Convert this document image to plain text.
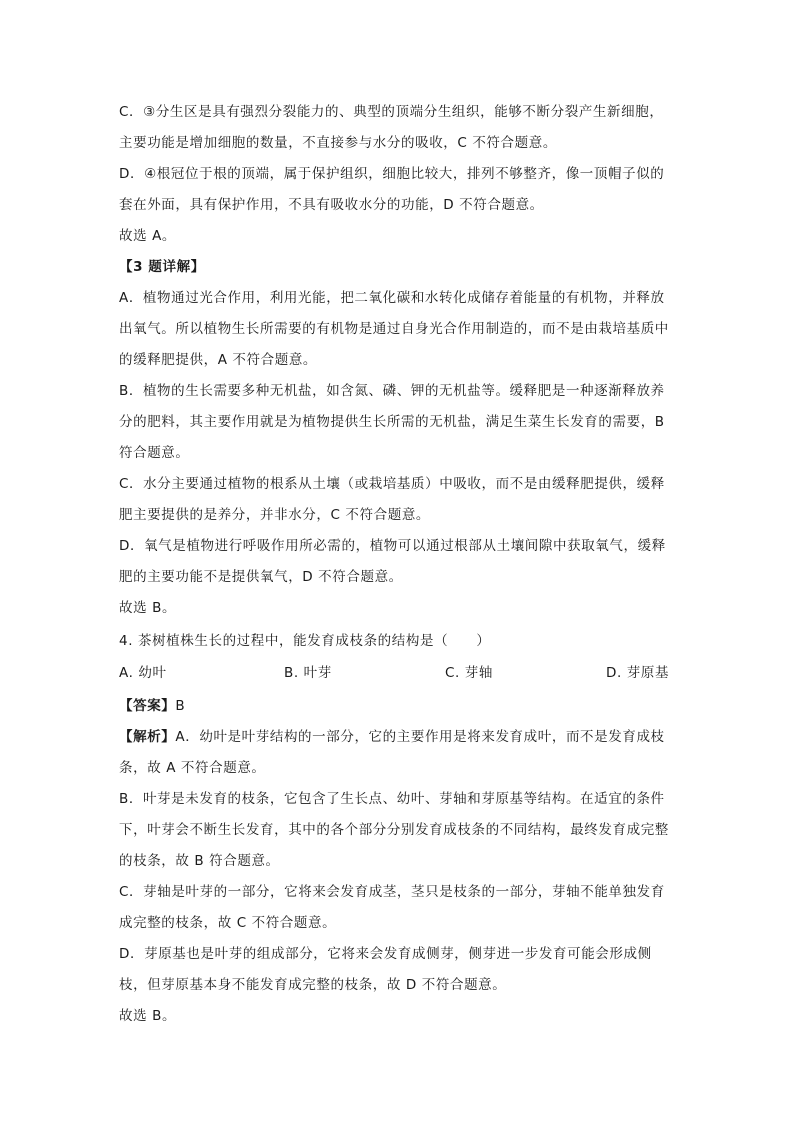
C．③分生区是具有强烈分裂能力的、典型的顶端分生组织，能够不断分裂产生新细胞，
主要功能是增加细胞的数量，不直接参与水分的吸收，C 不符合题意。
D．④根冠位于根的顶端，属于保护组织，细胞比较大，排列不够整齐，像一顶帽子似的
套在外面，具有保护作用，不具有吸收水分的功能，D 不符合题意。
故选 A。
【3 题详解】
A．植物通过光合作用，利用光能，把二氧化碳和水转化成储存着能量的有机物，并释放
出氧气。所以植物生长所需要的有机物是通过自身光合作用制造的，而不是由栽培基质中
的缓释肥提供，A 不符合题意。
B．植物的生长需要多种无机盐，如含氮、磷、钾的无机盐等。缓释肥是一种逐渐释放养
分的肥料，其主要作用就是为植物提供生长所需的无机盐，满足生菜生长发育的需要，B
符合题意。
C．水分主要通过植物的根系从土壤（或栽培基质）中吸收，而不是由缓释肥提供，缓释
肥主要提供的是养分，并非水分，C 不符合题意。
D．氧气是植物进行呼吸作用所必需的，植物可以通过根部从土壤间隙中获取氧气，缓释
肥的主要功能不是提供氧气，D 不符合题意。
故选 B。
4. 茶树植株生长的过程中，能发育成枝条的结构是（　　）
A. 幼叶	B. 叶芽	C. 芽轴	D. 芽原基
【答案】B
【解析】A．幼叶是叶芽结构的一部分，它的主要作用是将来发育成叶，而不是发育成枝
条，故 A 不符合题意。
B．叶芽是未发育的枝条，它包含了生长点、幼叶、芽轴和芽原基等结构。在适宜的条件
下，叶芽会不断生长发育，其中的各个部分分别发育成枝条的不同结构，最终发育成完整
的枝条，故 B 符合题意。
C．芽轴是叶芽的一部分，它将来会发育成茎，茎只是枝条的一部分，芽轴不能单独发育
成完整的枝条，故 C 不符合题意。
D．芽原基也是叶芽的组成部分，它将来会发育成侧芽，侧芽进一步发育可能会形成侧
枝，但芽原基本身不能发育成完整的枝条，故 D 不符合题意。
故选 B。
